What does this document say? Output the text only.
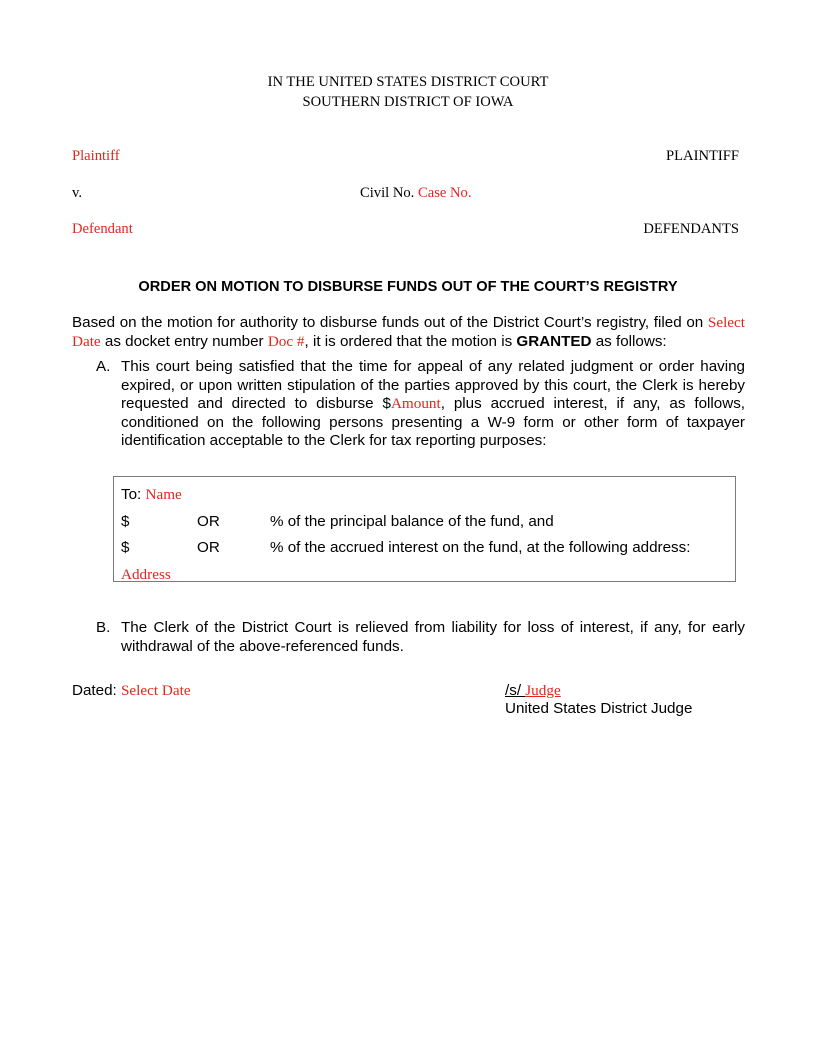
IN THE UNITED STATES DISTRICT COURT
SOUTHERN DISTRICT OF IOWA
Plaintiff	PLAINTIFF
v.	Civil No. Case No.
Defendant	DEFENDANTS
ORDER ON MOTION TO DISBURSE FUNDS OUT OF THE COURT’S REGISTRY
Based on the motion for authority to disburse funds out of the District Court’s registry, filed on Select Date as docket entry number Doc #, it is ordered that the motion is GRANTED as follows:
A. This court being satisfied that the time for appeal of any related judgment or order having expired, or upon written stipulation of the parties approved by this court, the Clerk is hereby requested and directed to disburse $Amount, plus accrued interest, if any, as follows, conditioned on the following persons presenting a W-9 form or other form of taxpayer identification acceptable to the Clerk for tax reporting purposes:
To: Name
$	OR	% of the principal balance of the fund, and
$	OR	% of the accrued interest on the fund, at the following address:
Address
B. The Clerk of the District Court is relieved from liability for loss of interest, if any, for early withdrawal of the above-referenced funds.
Dated: Select Date	/s/ Judge
United States District Judge
